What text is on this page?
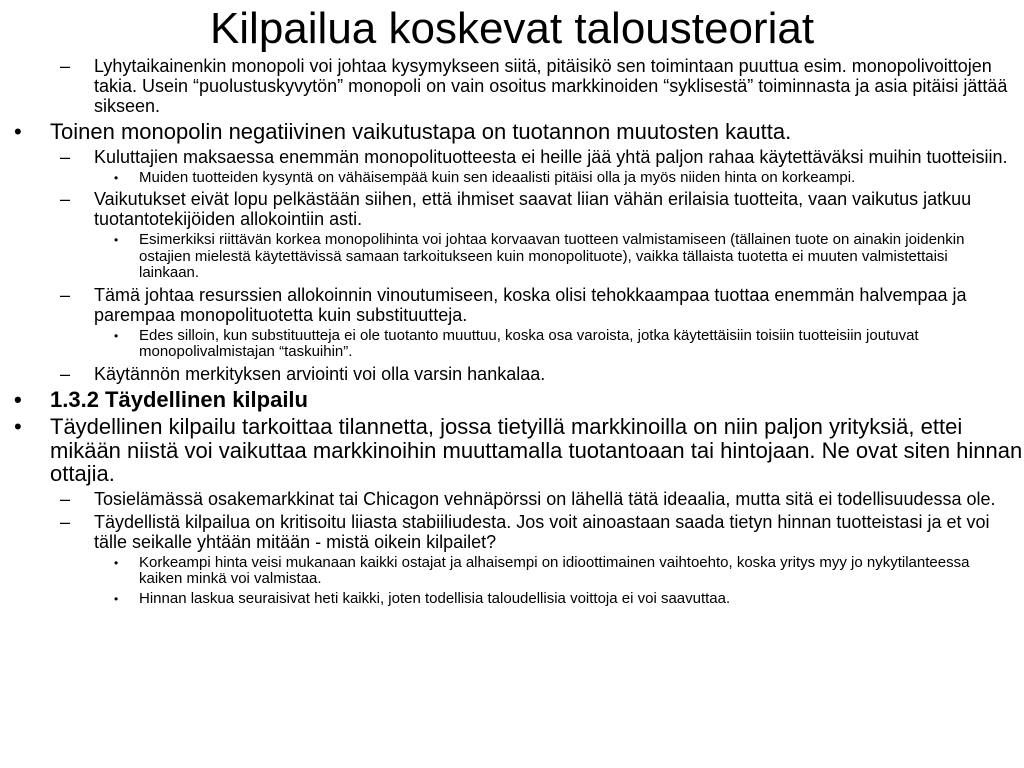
Kilpailua koskevat talousteoriat
– Lyhytaikainenkin monopoli voi johtaa kysymykseen siitä, pitäisikö sen toimintaan puuttua esim. monopolivoittojen takia. Usein “puolustuskyvytön” monopoli on vain osoitus markkinoiden “syklisestä” toiminnasta ja asia pitäisi jättää sikseen.
• Toinen monopolin negatiivinen vaikutustapa on tuotannon muutosten kautta.
– Kuluttajien maksaessa enemmän monopolituotteesta ei heille jää yhtä paljon rahaa käytettäväksi muihin tuotteisiin.
• Muiden tuotteiden kysyntä on vähäisempää kuin sen ideaalisti pitäisi olla ja myös niiden hinta on korkeampi.
– Vaikutukset eivät lopu pelkästään siihen, että ihmiset saavat liian vähän erilaisia tuotteita, vaan vaikutus jatkuu tuotantotekijöiden allokointiin asti.
• Esimerkiksi riittävän korkea monopolihinta voi johtaa korvaavan tuotteen valmistamiseen (tällainen tuote on ainakin joidenkin ostajien mielestä käytettävissä samaan tarkoitukseen kuin monopolituote), vaikka tällaista tuotetta ei muuten valmistettaisi lainkaan.
– Tämä johtaa resurssien allokoinnin vinoutumiseen, koska olisi tehokkaampaa tuottaa enemmän halvempaa ja parempaa monopolituotetta kuin substituutteja.
• Edes silloin, kun substituutteja ei ole tuotanto muuttuu, koska osa varoista, jotka käytettäisiin toisiin tuotteisiin joutuvat monopolivalmistajan “taskuihin”.
– Käytännön merkityksen arviointi voi olla varsin hankalaa.
• 1.3.2 Täydellinen kilpailu
• Täydellinen kilpailu tarkoittaa tilannetta, jossa tietyillä markkinoilla on niin paljon yrityksiä, ettei mikään niistä voi vaikuttaa markkinoihin muuttamalla tuotantoaan tai hintojaan. Ne ovat siten hinnan ottajia.
– Tosielämässä osakemarkkinat tai Chicagon vehnäpörssi on lähellä tätä ideaalia, mutta sitä ei todellisuudessa ole.
– Täydellistä kilpailua on kritisoitu liiasta stabiiliudesta. Jos voit ainoastaan saada tietyn hinnan tuotteistasi ja et voi tälle seikalle yhtään mitään - mistä oikein kilpailet?
• Korkeampi hinta veisi mukanaan kaikki ostajat ja alhaisempi on idioottimainen vaihtoehto, koska yritys myy jo nykytilanteessa kaiken minkä voi valmistaa.
• Hinnan laskua seuraisivat heti kaikki, joten todellisia taloudellisia voittoja ei voi saavuttaa.
